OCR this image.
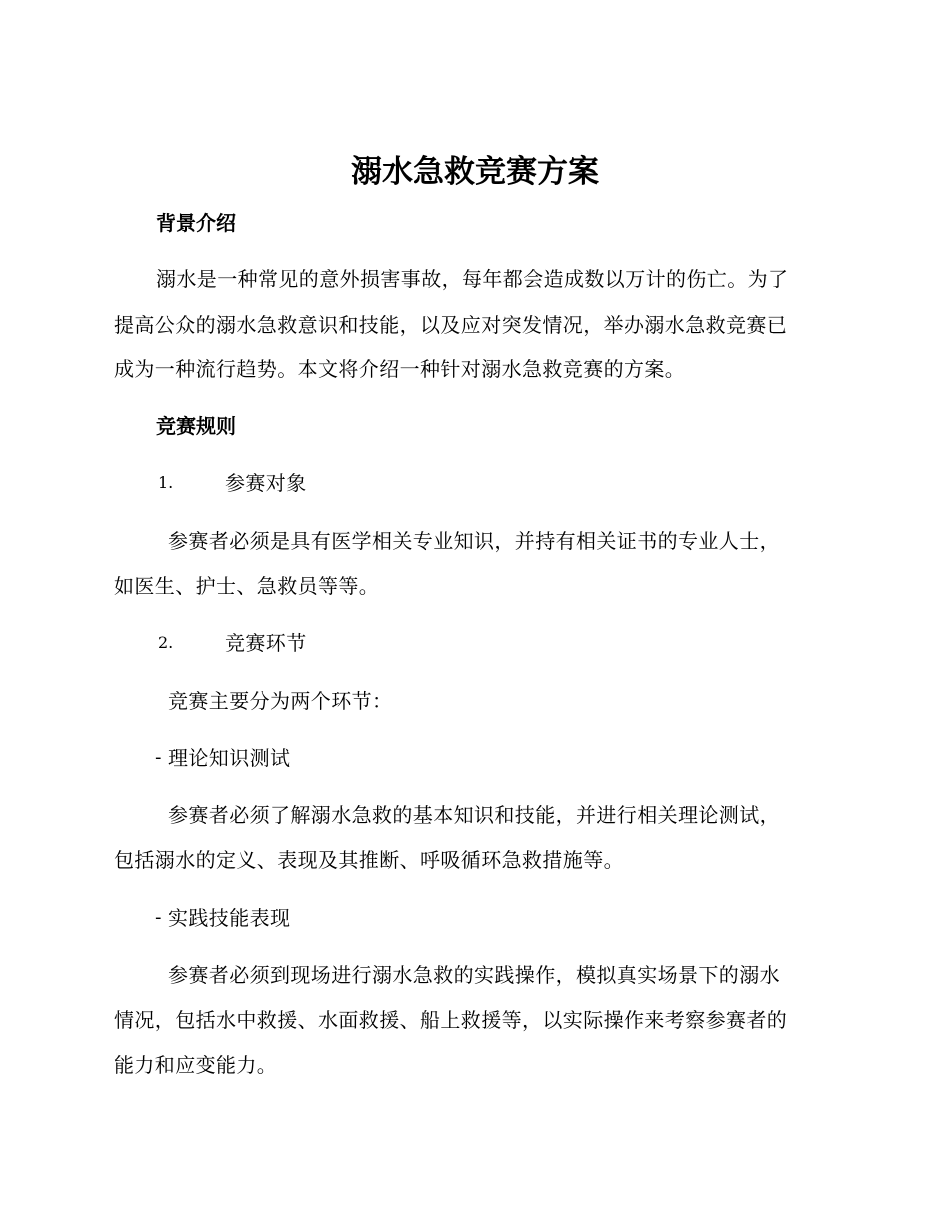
溺水急救竞赛方案
背景介绍
溺水是一种常见的意外损害事故，每年都会造成数以万计的伤亡。为了
提高公众的溺水急救意识和技能，以及应对突发情况，举办溺水急救竞赛已
成为一种流行趋势。本文将介绍一种针对溺水急救竞赛的方案。
竞赛规则
1.	参赛对象
参赛者必须是具有医学相关专业知识，并持有相关证书的专业人士，
如医生、护士、急救员等等。
2.	竞赛环节
竞赛主要分为两个环节：
- 理论知识测试
参赛者必须了解溺水急救的基本知识和技能，并进行相关理论测试，
包括溺水的定义、表现及其推断、呼吸循环急救措施等。
- 实践技能表现
参赛者必须到现场进行溺水急救的实践操作，模拟真实场景下的溺水
情况，包括水中救援、水面救援、船上救援等，以实际操作来考察参赛者的
能力和应变能力。
